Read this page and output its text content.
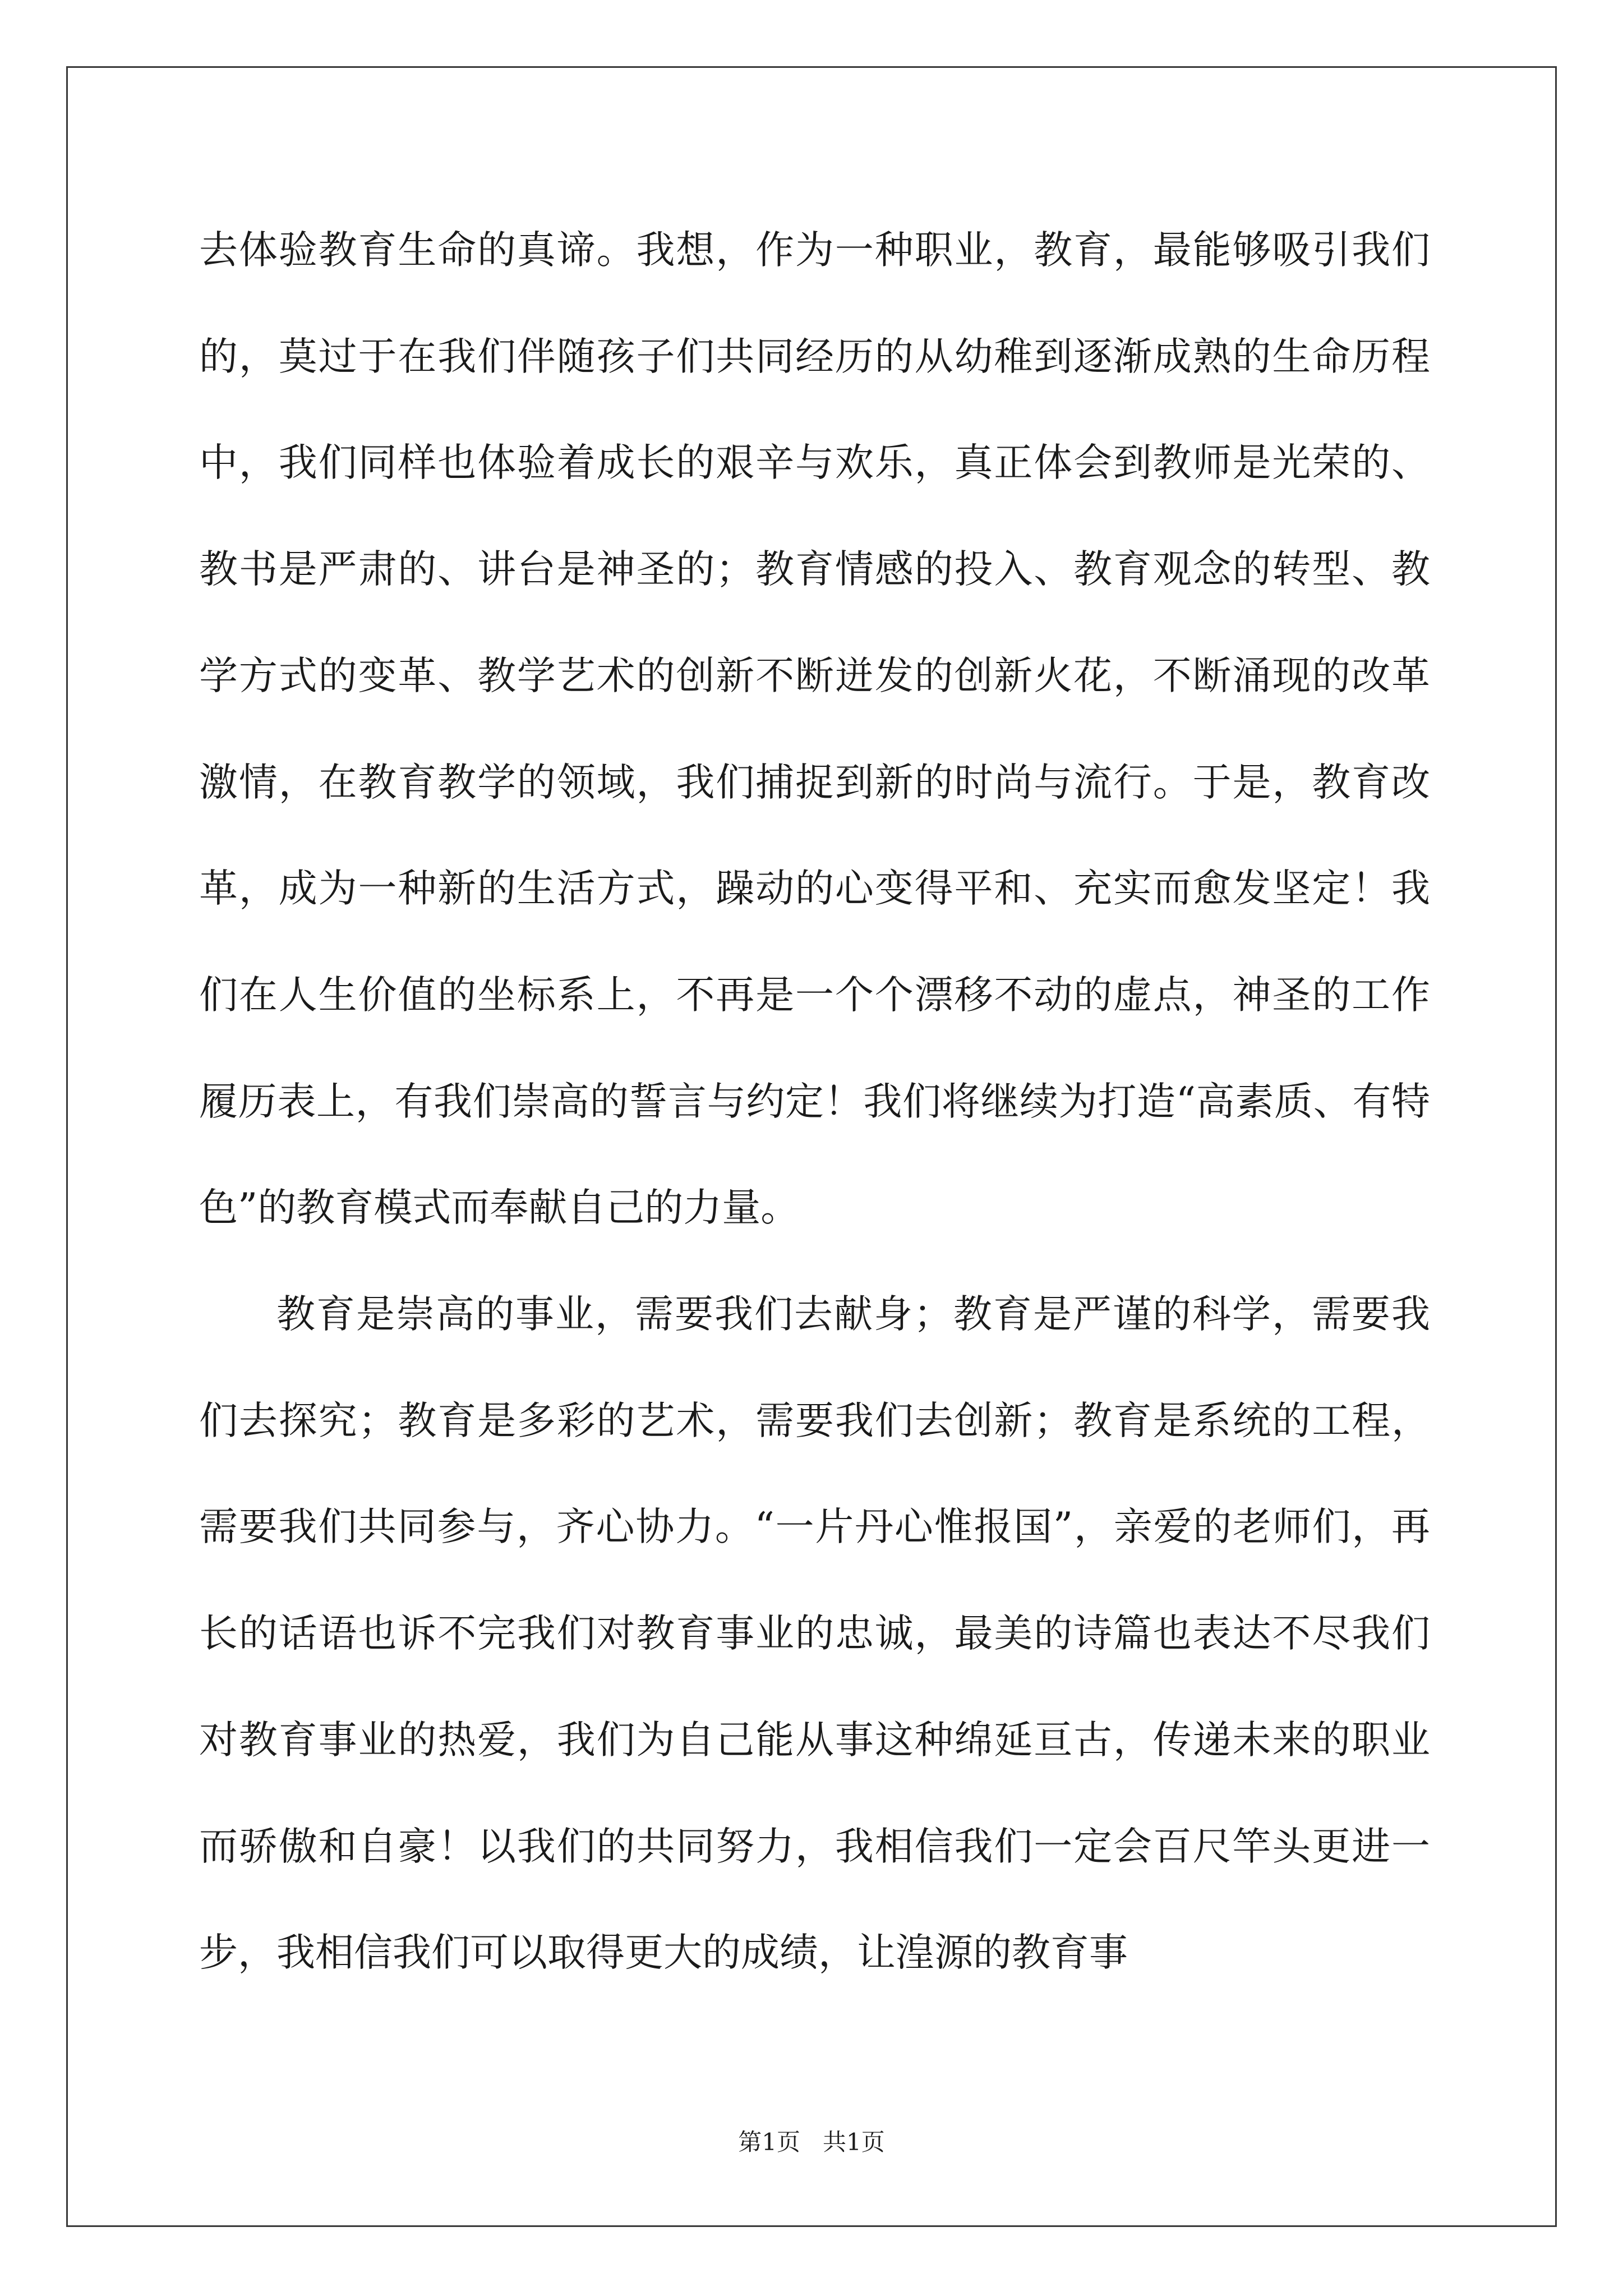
去体验教育生命的真谛。我想，作为一种职业，教育，最能够吸引我们的，莫过于在我们伴随孩子们共同经历的从幼稚到逐渐成熟的生命历程中，我们同样也体验着成长的艰辛与欢乐，真正体会到教师是光荣的、教书是严肃的、讲台是神圣的；教育情感的投入、教育观念的转型、教学方式的变革、教学艺术的创新不断迸发的创新火花，不断涌现的改革激情，在教育教学的领域，我们捕捉到新的时尚与流行。于是，教育改革，成为一种新的生活方式，躁动的心变得平和、充实而愈发坚定！我们在人生价值的坐标系上，不再是一个个漂移不动的虚点，神圣的工作履历表上，有我们崇高的誓言与约定！我们将继续为打造“高素质、有特色”的教育模式而奉献自己的力量。

教育是崇高的事业，需要我们去献身；教育是严谨的科学，需要我们去探究；教育是多彩的艺术，需要我们去创新；教育是系统的工程，需要我们共同参与，齐心协力。“一片丹心惟报国”，亲爱的老师们，再长的话语也诉不完我们对教育事业的忠诚，最美的诗篇也表达不尽我们对教育事业的热爱，我们为自己能从事这种绵延亘古，传递未来的职业而骄傲和自豪！以我们的共同努力，我相信我们一定会百尺竿头更进一步，我相信我们可以取得更大的成绩，让湟源的教育事

第1页 共1页
